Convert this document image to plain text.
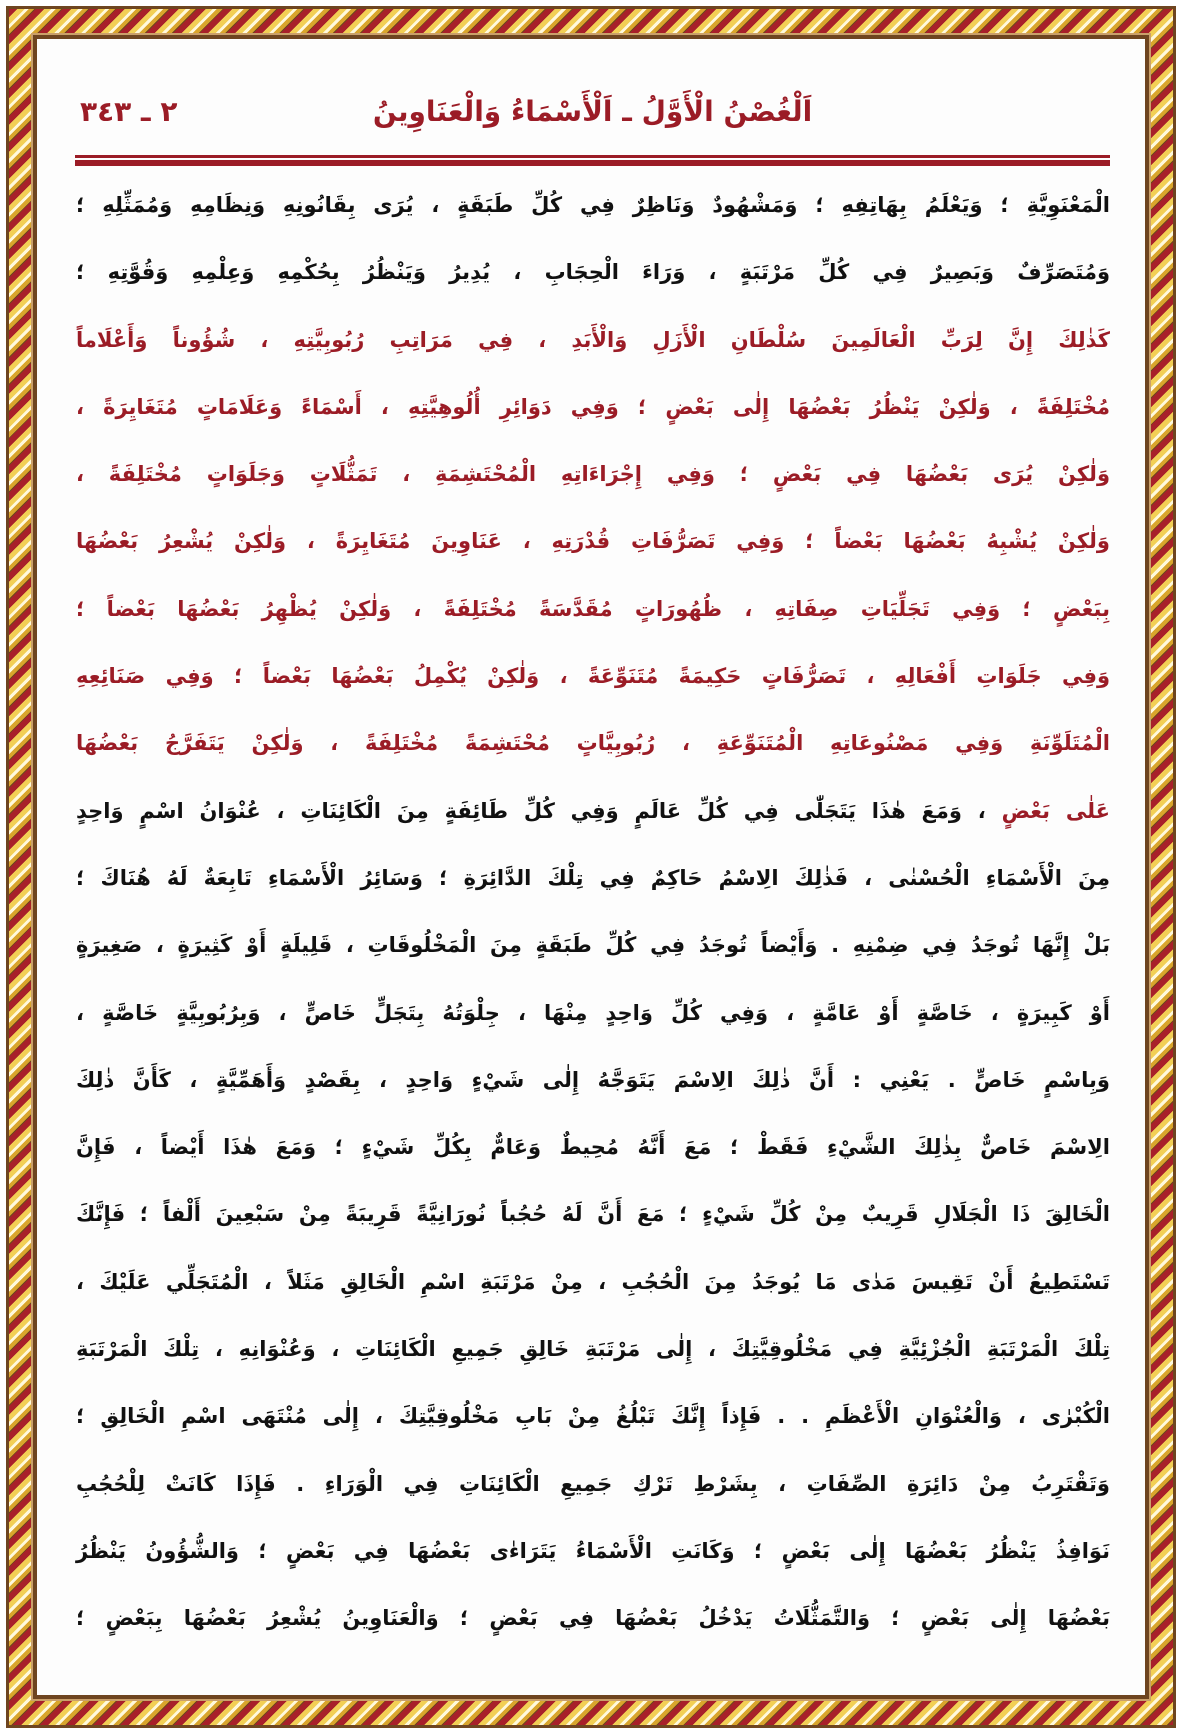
اَلْغُصْنُ الْأَوَّلُ ـ اَلْأَسْمَاءُ وَالْعَنَاوِينُ
٢ ـ ٣٤٣
الْمَعْنَوِيَّةِ ؛ وَيَعْلَمُ بِهَاتِفِهِ ؛ وَمَشْهُودٌ وَنَاظِرٌ فِي كُلِّ طَبَقَةٍ ، يُرَى بِقَانُونِهِ وَنِظَامِهِ وَمُمَثِّلِهِ ؛
وَمُتَصَرِّفٌ وَبَصِيرٌ فِي كُلِّ مَرْتَبَةٍ ، وَرَاءَ الْحِجَابِ ، يُدِيرُ وَيَنْظُرُ بِحُكْمِهِ وَعِلْمِهِ وَقُوَّتِهِ ؛
كَذٰلِكَ إِنَّ لِرَبِّ الْعَالَمِينَ سُلْطَانِ الْأَزَلِ وَالْأَبَدِ ، فِي مَرَاتِبِ رُبُوبِيَّتِهِ ، شُؤُوناً وَأَعْلَاماً
مُخْتَلِفَةً ، وَلٰكِنْ يَنْظُرُ بَعْضُهَا إِلٰى بَعْضٍ ؛ وَفِي دَوَائِرِ أُلُوهِيَّتِهِ ، أَسْمَاءً وَعَلَامَاتٍ مُتَغَايِرَةً ،
وَلٰكِنْ يُرَى بَعْضُهَا فِي بَعْضٍ ؛ وَفِي إِجْرَاءَاتِهِ الْمُحْتَشِمَةِ ، تَمَثُّلَاتٍ وَجَلَوَاتٍ مُخْتَلِفَةً ،
وَلٰكِنْ يُشْبِهُ بَعْضُهَا بَعْضاً ؛ وَفِي تَصَرُّفَاتِ قُدْرَتِهِ ، عَنَاوِينَ مُتَغَايِرَةً ، وَلٰكِنْ يُشْعِرُ بَعْضُهَا
بِبَعْضٍ ؛ وَفِي تَجَلِّيَاتِ صِفَاتِهِ ، ظُهُورَاتٍ مُقَدَّسَةً مُخْتَلِفَةً ، وَلٰكِنْ يُظْهِرُ بَعْضُهَا بَعْضاً ؛
وَفِي جَلَوَاتِ أَفْعَالِهِ ، تَصَرُّفَاتٍ حَكِيمَةً مُتَنَوِّعَةً ، وَلٰكِنْ يُكْمِلُ بَعْضُهَا بَعْضاً ؛ وَفِي صَنَائِعِهِ
الْمُتَلَوِّنَةِ وَفِي مَصْنُوعَاتِهِ الْمُتَنَوِّعَةِ ، رُبُوبِيَّاتٍ مُحْتَشِمَةً مُخْتَلِفَةً ، وَلٰكِنْ يَتَفَرَّجُ بَعْضُهَا
عَلٰى بَعْضٍ ، وَمَعَ هٰذَا يَتَجَلّٰى فِي كُلِّ عَالَمٍ وَفِي كُلِّ طَائِفَةٍ مِنَ الْكَائِنَاتِ ، عُنْوَانُ اسْمٍ وَاحِدٍ
مِنَ الْأَسْمَاءِ الْحُسْنٰى ، فَذٰلِكَ الِاسْمُ حَاكِمٌ فِي تِلْكَ الدَّائِرَةِ ؛ وَسَائِرُ الْأَسْمَاءِ تَابِعَةٌ لَهُ هُنَاكَ ؛
بَلْ إِنَّهَا تُوجَدُ فِي ضِمْنِهِ . وَأَيْضاً تُوجَدُ فِي كُلِّ طَبَقَةٍ مِنَ الْمَخْلُوقَاتِ ، قَلِيلَةٍ أَوْ كَثِيرَةٍ ، صَغِيرَةٍ
أَوْ كَبِيرَةٍ ، خَاصَّةٍ أَوْ عَامَّةٍ ، وَفِي كُلِّ وَاحِدٍ مِنْهَا ، جِلْوَتُهُ بِتَجَلٍّ خَاصٍّ ، وَبِرُبُوبِيَّةٍ خَاصَّةٍ ،
وَبِاسْمٍ خَاصٍّ . يَعْنِي : أَنَّ ذٰلِكَ الِاسْمَ يَتَوَجَّهُ إِلٰى شَيْءٍ وَاحِدٍ ، بِقَصْدٍ وَأَهَمِّيَّةٍ ، كَأَنَّ ذٰلِكَ
الِاسْمَ خَاصٌّ بِذٰلِكَ الشَّيْءِ فَقَطْ ؛ مَعَ أَنَّهُ مُحِيطٌ وَعَامٌّ بِكُلِّ شَيْءٍ ؛ وَمَعَ هٰذَا أَيْضاً ، فَإِنَّ
الْخَالِقَ ذَا الْجَلَالِ قَرِيبٌ مِنْ كُلِّ شَيْءٍ ؛ مَعَ أَنَّ لَهُ حُجُباً نُورَانِيَّةً قَرِيبَةً مِنْ سَبْعِينَ أَلْفاً ؛ فَإِنَّكَ
تَسْتَطِيعُ أَنْ تَقِيسَ مَدٰى مَا يُوجَدُ مِنَ الْحُجُبِ ، مِنْ مَرْتَبَةِ اسْمِ الْخَالِقِ مَثَلاً ، الْمُتَجَلِّي عَلَيْكَ ،
تِلْكَ الْمَرْتَبَةِ الْجُزْئِيَّةِ فِي مَخْلُوقِيَّتِكَ ، إِلٰى مَرْتَبَةِ خَالِقِ جَمِيعِ الْكَائِنَاتِ ، وَعُنْوَانِهِ ، تِلْكَ الْمَرْتَبَةِ
الْكُبْرٰى ، وَالْعُنْوَانِ الْأَعْظَمِ . . فَإِذاً إِنَّكَ تَبْلُغُ مِنْ بَابِ مَخْلُوقِيَّتِكَ ، إِلٰى مُنْتَهَى اسْمِ الْخَالِقِ ؛
وَتَقْتَرِبُ مِنْ دَائِرَةِ الصِّفَاتِ ، بِشَرْطِ تَرْكِ جَمِيعِ الْكَائِنَاتِ فِي الْوَرَاءِ . فَإِذَا كَانَتْ لِلْحُجُبِ
نَوَافِذُ يَنْظُرُ بَعْضُهَا إِلٰى بَعْضٍ ؛ وَكَانَتِ الْأَسْمَاءُ يَتَرَاءٰى بَعْضُهَا فِي بَعْضٍ ؛ وَالشُّؤُونُ يَنْظُرُ
بَعْضُهَا إِلٰى بَعْضٍ ؛ وَالتَّمَثُّلَاتُ يَدْخُلُ بَعْضُهَا فِي بَعْضٍ ؛ وَالْعَنَاوِينُ يُشْعِرُ بَعْضُهَا بِبَعْضٍ ؛
